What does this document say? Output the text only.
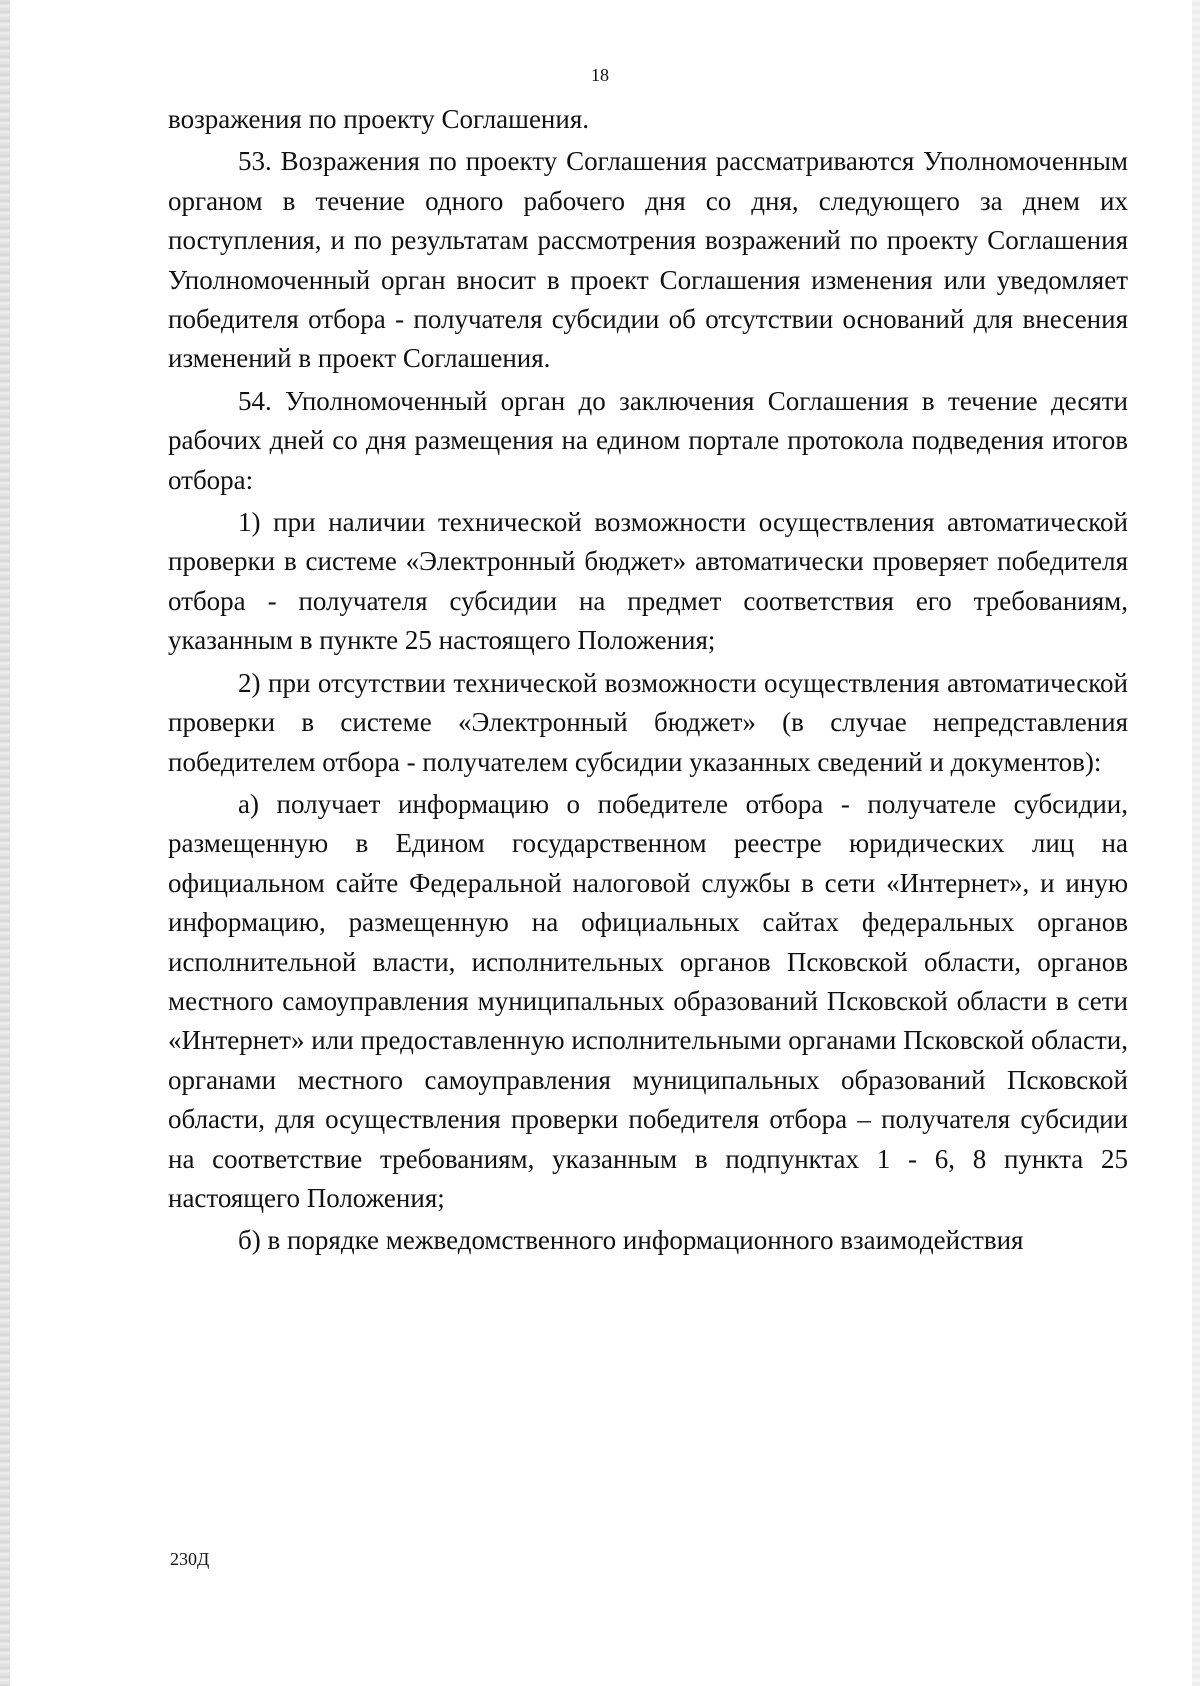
18

возражения по проекту Соглашения.

53. Возражения по проекту Соглашения рассматриваются Уполномоченным органом в течение одного рабочего дня со дня, следующего за днем их поступления, и по результатам рассмотрения возражений по проекту Соглашения Уполномоченный орган вносит в проект Соглашения изменения или уведомляет победителя отбора - получателя субсидии об отсутствии оснований для внесения изменений в проект Соглашения.

54. Уполномоченный орган до заключения Соглашения в течение десяти рабочих дней со дня размещения на едином портале протокола подведения итогов отбора:

1) при наличии технической возможности осуществления автоматической проверки в системе «Электронный бюджет» автоматически проверяет победителя отбора - получателя субсидии на предмет соответствия его требованиям, указанным в пункте 25 настоящего Положения;

2) при отсутствии технической возможности осуществления автоматической проверки в системе «Электронный бюджет» (в случае непредставления победителем отбора - получателем субсидии указанных сведений и документов):

а) получает информацию о победителе отбора - получателе субсидии, размещенную в Едином государственном реестре юридических лиц на официальном сайте Федеральной налоговой службы в сети «Интернет», и иную информацию, размещенную на официальных сайтах федеральных органов исполнительной власти, исполнительных органов Псковской области, органов местного самоуправления муниципальных образований Псковской области в сети «Интернет» или предоставленную исполнительными органами Псковской области, органами местного самоуправления муниципальных образований Псковской области, для осуществления проверки победителя отбора – получателя субсидии на соответствие требованиям, указанным в подпунктах 1 - 6, 8 пункта 25 настоящего Положения;

б) в порядке межведомственного информационного взаимодействия

230Д
